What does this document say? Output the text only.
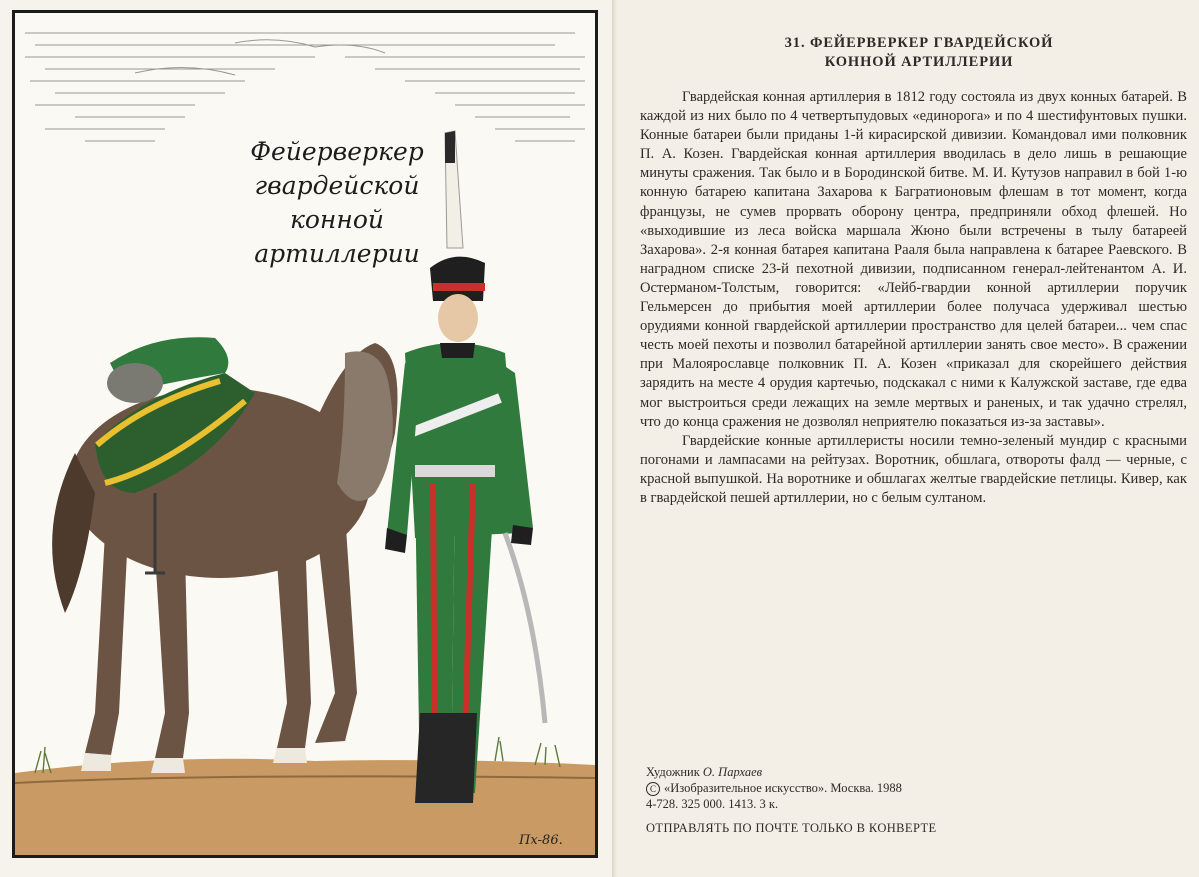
Фейерверкер
гвардейской
конной
артиллерии
Пх-86.
31. ФЕЙЕРВЕРКЕР ГВАРДЕЙСКОЙ
КОННОЙ АРТИЛЛЕРИИ

Гвардейская конная артиллерия в 1812 году состояла из двух конных батарей. В каждой из них было по 4 четвертьпудовых «единорога» и по 4 шестифунтовых пушки. Конные батареи были приданы 1-й кирасирской дивизии. Командовал ими полковник П. А. Козен. Гвардейская конная артиллерия вводилась в дело лишь в решающие минуты сражения. Так было и в Бородинской битве. М. И. Кутузов направил в бой 1-ю конную батарею капитана Захарова к Багратионовым флешам в тот момент, когда французы, не сумев прорвать оборону центра, предприняли обход флешей. Но «выходившие из леса войска маршала Жюно были встречены в тылу батареей Захарова». 2-я конная батарея капитана Рааля была направлена к батарее Раевского. В наградном списке 23-й пехотной дивизии, подписанном генерал-лейтенантом А. И. Остерманом-Толстым, говорится: «Лейб-гвардии конной артиллерии поручик Гельмерсен до прибытия моей артиллерии более получаса удерживал шестью орудиями конной гвардейской артиллерии пространство для целей батареи... чем спас честь моей пехоты и позволил батарейной артиллерии занять свое место». В сражении при Малоярославце полковник П. А. Козен «приказал для скорейшего действия зарядить на месте 4 орудия картечью, подскакал с ними к Калужской заставе, где едва мог выстроиться среди лежащих на земле мертвых и раненых, и так удачно стрелял, что до конца сражения не дозволял неприятелю показаться из-за заставы».

Гвардейские конные артиллеристы носили темно-зеленый мундир с красными погонами и лампасами на рейтузах. Воротник, обшлага, отвороты фалд — черные, с красной выпушкой. На воротнике и обшлагах желтые гвардейские петлицы. Кивер, как в гвардейской пешей артиллерии, но с белым султаном.

Художник О. Пархаев
C «Изобразительное искусство». Москва. 1988
4-728. 325 000. 1413. 3 к.
ОТПРАВЛЯТЬ ПО ПОЧТЕ ТОЛЬКО В КОНВЕРТЕ
